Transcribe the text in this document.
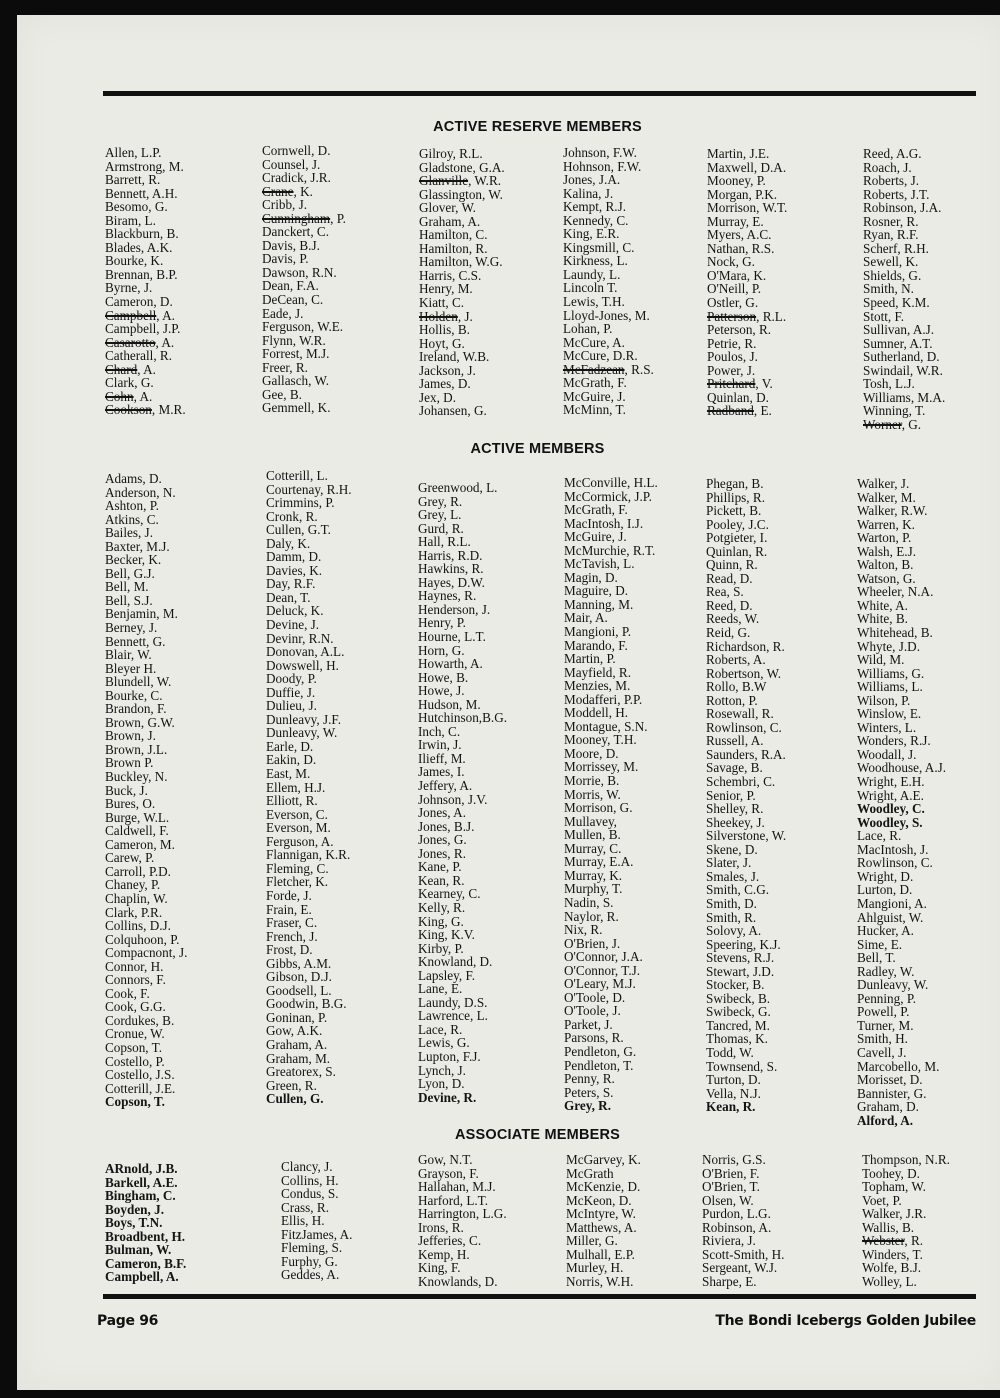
ACTIVE RESERVE MEMBERS
Allen, L.P.
Armstrong, M.
Barrett, R.
Bennett, A.H.
Besomo, G.
Biram, L.
Blackburn, B.
Blades, A.K.
Bourke, K.
Brennan, B.P.
Byrne, J.
Cameron, D.
Campbell, A.
Campbell, J.P.
Casarotto, A.
Catherall, R.
Chard, A.
Clark, G.
Cohn, A.
Cookson, M.R.
Cornwell, D.
Counsel, J.
Cradick, J.R.
Crane, K.
Cribb, J.
Cunningham, P.
Danckert, C.
Davis, B.J.
Davis, P.
Dawson, R.N.
Dean, F.A.
DeCean, C.
Eade, J.
Ferguson, W.E.
Flynn, W.R.
Forrest, M.J.
Freer, R.
Gallasch, W.
Gee, B.
Gemmell, K.
Gilroy, R.L.
Gladstone, G.A.
Glanville, W.R.
Glassington, W.
Glover, W.
Graham, A.
Hamilton, C.
Hamilton, R.
Hamilton, W.G.
Harris, C.S.
Henry, M.
Kiatt, C.
Holden, J.
Hollis, B.
Hoyt, G.
Ireland, W.B.
Jackson, J.
James, D.
Jex, D.
Johansen, G.
Johnson, F.W.
Hohnson, F.W.
Jones, J.A.
Kalina, J.
Kempt, R.J.
Kennedy, C.
King, E.R.
Kingsmill, C.
Kirkness, L.
Laundy, L.
Lincoln T.
Lewis, T.H.
Lloyd-Jones, M.
Lohan, P.
McCure, A.
McCure, D.R.
McFadzean, R.S.
McGrath, F.
McGuire, J.
McMinn, T.
Martin, J.E.
Maxwell, D.A.
Mooney, P.
Morgan, P.K.
Morrison, W.T.
Murray, E.
Myers, A.C.
Nathan, R.S.
Nock, G.
O'Mara, K.
O'Neill, P.
Ostler, G.
Patterson, R.L.
Peterson, R.
Petrie, R.
Poulos, J.
Power, J.
Pritchard, V.
Quinlan, D.
Radband, E.
Reed, A.G.
Roach, J.
Roberts, J.
Roberts, J.T.
Robinson, J.A.
Rosner, R.
Ryan, R.F.
Scherf, R.H.
Sewell, K.
Shields, G.
Smith, N.
Speed, K.M.
Stott, F.
Sullivan, A.J.
Sumner, A.T.
Sutherland, D.
Swindail, W.R.
Tosh, L.J.
Williams, M.A.
Winning, T.
Worner, G.
ACTIVE MEMBERS
Adams, D.
Anderson, N.
Ashton, P.
Atkins, C.
Bailes, J.
Baxter, M.J.
Becker, K.
Bell, G.J.
Bell, M.
Bell, S.J.
Benjamin, M.
Berney, J.
Bennett, G.
Blair, W.
Bleyer H.
Blundell, W.
Bourke, C.
Brandon, F.
Brown, G.W.
Brown, J.
Brown, J.L.
Brown P.
Buckley, N.
Buck, J.
Bures, O.
Burge, W.L.
Caldwell, F.
Cameron, M.
Carew, P.
Carroll, P.D.
Chaney, P.
Chaplin, W.
Clark, P.R.
Collins, D.J.
Colquhoon, P.
Compacnont, J.
Connor, H.
Connors, F.
Cook, F.
Cook, G.G.
Cordukes, B.
Cronue, W.
Copson, T.
Costello, P.
Costello, J.S.
Cotterill, J.E.
Copson, T.
Cotterill, L.
Courtenay, R.H.
Crimmins, P.
Cronk, R.
Cullen, G.T.
Daly, K.
Damm, D.
Davies, K.
Day, R.F.
Dean, T.
Deluck, K.
Devine, J.
Devinr, R.N.
Donovan, A.L.
Dowswell, H.
Doody, P.
Duffie, J.
Dulieu, J.
Dunleavy, J.F.
Dunleavy, W.
Earle, D.
Eakin, D.
East, M.
Ellem, H.J.
Elliott, R.
Everson, C.
Everson, M.
Ferguson, A.
Flannigan, K.R.
Fleming, C.
Fletcher, K.
Forde, J.
Frain, E.
Fraser, C.
French, J.
Frost, D.
Gibbs, A.M.
Gibson, D.J.
Goodsell, L.
Goodwin, B.G.
Goninan, P.
Gow, A.K.
Graham, A.
Graham, M.
Greatorex, S.
Green, R.
Cullen, G.
Greenwood, L.
Grey, R.
Grey, L.
Gurd, R.
Hall, R.L.
Harris, R.D.
Hawkins, R.
Hayes, D.W.
Haynes, R.
Henderson, J.
Henry, P.
Hourne, L.T.
Horn, G.
Howarth, A.
Howe, B.
Howe, J.
Hudson, M.
Hutchinson,B.G.
Inch, C.
Irwin, J.
Ilieff, M.
James, I.
Jeffery, A.
Johnson, J.V.
Jones, A.
Jones, B.J.
Jones, G.
Jones, R.
Kane, P.
Kean, R.
Kearney, C.
Kelly, R.
King, G.
King, K.V.
Kirby, P.
Knowland, D.
Lapsley, F.
Lane, E.
Laundy, D.S.
Lawrence, L.
Lace, R.
Lewis, G.
Lupton, F.J.
Lynch, J.
Lyon, D.
Devine, R.
McConville, H.L.
McCormick, J.P.
McGrath, F.
MacIntosh, I.J.
McGuire, J.
McMurchie, R.T.
McTavish, L.
Magin, D.
Maguire, D.
Manning, M.
Mair, A.
Mangioni, P.
Marando, F.
Martin, P.
Mayfield, R.
Menzies, M.
Modafferi, P.P.
Moddell, H.
Montague, S.N.
Mooney, T.H.
Moore, D.
Morrissey, M.
Morrie, B.
Morris, W.
Morrison, G.
Mullavey,
Mullen, B.
Murray, C.
Murray, E.A.
Murray, K.
Murphy, T.
Nadin, S.
Naylor, R.
Nix, R.
O'Brien, J.
O'Connor, J.A.
O'Connor, T.J.
O'Leary, M.J.
O'Toole, D.
O'Toole, J.
Parket, J.
Parsons, R.
Pendleton, G.
Pendleton, T.
Penny, R.
Peters, S.
Grey, R.
Phegan, B.
Phillips, R.
Pickett, B.
Pooley, J.C.
Potgieter, I.
Quinlan, R.
Quinn, R.
Read, D.
Rea, S.
Reed, D.
Reeds, W.
Reid, G.
Richardson, R.
Roberts, A.
Robertson, W.
Rollo, B.W
Rotton, P.
Rosewall, R.
Rowlinson, C.
Russell, A.
Saunders, R.A.
Savage, B.
Schembri, C.
Senior, P.
Shelley, R.
Sheekey, J.
Silverstone, W.
Skene, D.
Slater, J.
Smales, J.
Smith, C.G.
Smith, D.
Smith, R.
Solovy, A.
Speering, K.J.
Stevens, R.J.
Stewart, J.D.
Stocker, B.
Swibeck, B.
Swibeck, G.
Tancred, M.
Thomas, K.
Todd, W.
Townsend, S.
Turton, D.
Vella, N.J.
Kean, R.
Walker, J.
Walker, M.
Walker, R.W.
Warren, K.
Warton, P.
Walsh, E.J.
Walton, B.
Watson, G.
Wheeler, N.A.
White, A.
White, B.
Whitehead, B.
Whyte, J.D.
Wild, M.
Williams, G.
Williams, L.
Wilson, P.
Winslow, E.
Winters, L.
Wonders, R.J.
Woodall, J.
Woodhouse, A.J.
Wright, E.H.
Wright, A.E.
Woodley, C.
Woodley, S.
Lace, R.
MacIntosh, J.
Rowlinson, C.
Wright, D.
Lurton, D.
Mangioni, A.
Ahlguist, W.
Hucker, A.
Sime, E.
Bell, T.
Radley, W.
Dunleavy, W.
Penning, P.
Powell, P.
Turner, M.
Smith, H.
Cavell, J.
Marcobello, M.
Morisset, D.
Bannister, G.
Graham, D.
Alford, A.
ASSOCIATE MEMBERS
ARnold, J.B.
Barkell, A.E.
Bingham, C.
Boyden, J.
Boys, T.N.
Broadbent, H.
Bulman, W.
Cameron, B.F.
Campbell, A.
Clancy, J.
Collins, H.
Condus, S.
Crass, R.
Ellis, H.
FitzJames, A.
Fleming, S.
Furphy, G.
Geddes, A.
Gow, N.T.
Grayson, F.
Hallahan, M.J.
Harford, L.T.
Harrington, L.G.
Irons, R.
Jefferies, C.
Kemp, H.
King, F.
Knowlands, D.
McGarvey, K.
McGrath
McKenzie, D.
McKeon, D.
McIntyre, W.
Matthews, A.
Miller, G.
Mulhall, E.P.
Murley, H.
Norris, W.H.
Norris, G.S.
O'Brien, F.
O'Brien, T.
Olsen, W.
Purdon, L.G.
Robinson, A.
Riviera, J.
Scott-Smith, H.
Sergeant, W.J.
Sharpe, E.
Thompson, N.R.
Toohey, D.
Topham, W.
Voet, P.
Walker, J.R.
Wallis, B.
Webster, R.
Winders, T.
Wolfe, B.J.
Wolley, L.
Page 96	The Bondi Icebergs Golden Jubilee
